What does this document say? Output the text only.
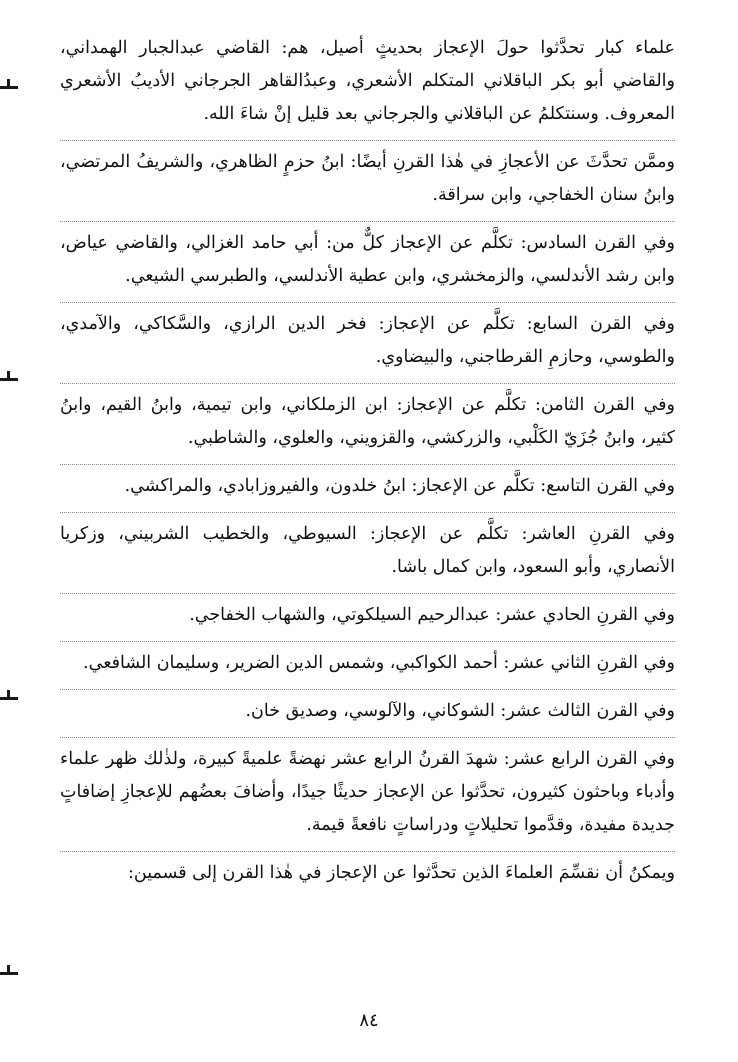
علماء كبار تحدَّثوا حولَ الإعجاز بحديثٍ أصيل، هم: القاضي عبدالجبار الهمداني، والقاضي أبو بكر الباقلاني المتكلم الأشعري، وعبدُالقاهر الجرجاني الأديبُ الأشعري المعروف. وسنتكلمُ عن الباقلاني والجرجاني بعد قليل إنْ شاءَ الله.

وممَّن تحدَّثَ عن الأعجازِ في هٰذا القرنِ أيضًا: ابنُ حزمٍ الظاهري، والشريفُ المرتضي، وابنُ سنان الخفاجي، وابن سراقة.

وفي القرن السادس: تكلَّم عن الإعجاز كلٌّ من: أبي حامد الغزالي، والقاضي عياض، وابن رشد الأندلسي، والزمخشري، وابن عطية الأندلسي، والطبرسي الشيعي.

وفي القرن السابع: تكلَّم عن الإعجاز: فخر الدين الرازي، والسَّكاكي، والآمدي، والطوسي، وحازمِ القرطاجني، والبيضاوي.

وفي القرن الثامن: تكلَّم عن الإعجاز: ابن الزملكاني، وابن تيمية، وابنُ القيم، وابنُ كثير، وابنُ جُزَيّ الكَلْبي، والزركشي، والقزويني، والعلوي، والشاطبي.

وفي القرن التاسع: تكلَّم عن الإعجاز: ابنُ خلدون، والفيروزابادي، والمراكشي.

وفي القرنِ العاشر: تكلَّم عن الإعجاز: السيوطي، والخطيب الشربيني، وزكريا الأنصاري، وأبو السعود، وابن كمال باشا.

وفي القرنِ الحادي عشر: عبدالرحيم السيلكوتي، والشهاب الخفاجي.

وفي القرنِ الثاني عشر: أحمد الكواكبي، وشمس الدين الضرير، وسليمان الشافعي.

وفي القرن الثالث عشر: الشوكاني، والآلوسي، وصديق خان.

وفي القرن الرابع عشر: شهدَ القرنُ الرابع عشر نهضةً علميةً كبيرة، ولذٰلك ظهر علماء وأدباء وباحثون كثيرون، تحدَّثوا عن الإعجاز حديثًا جيدًا، وأضافَ بعضُهم للإعجازِ إضافاتٍ جديدة مفيدة، وقدَّموا تحليلاتٍ ودراساتٍ نافعةً قيمة.

ويمكنُ أن نقسِّمَ العلماءَ الذين تحدَّثوا عن الإعجاز في هٰذا القرن إلى قسمين:

٨٤
